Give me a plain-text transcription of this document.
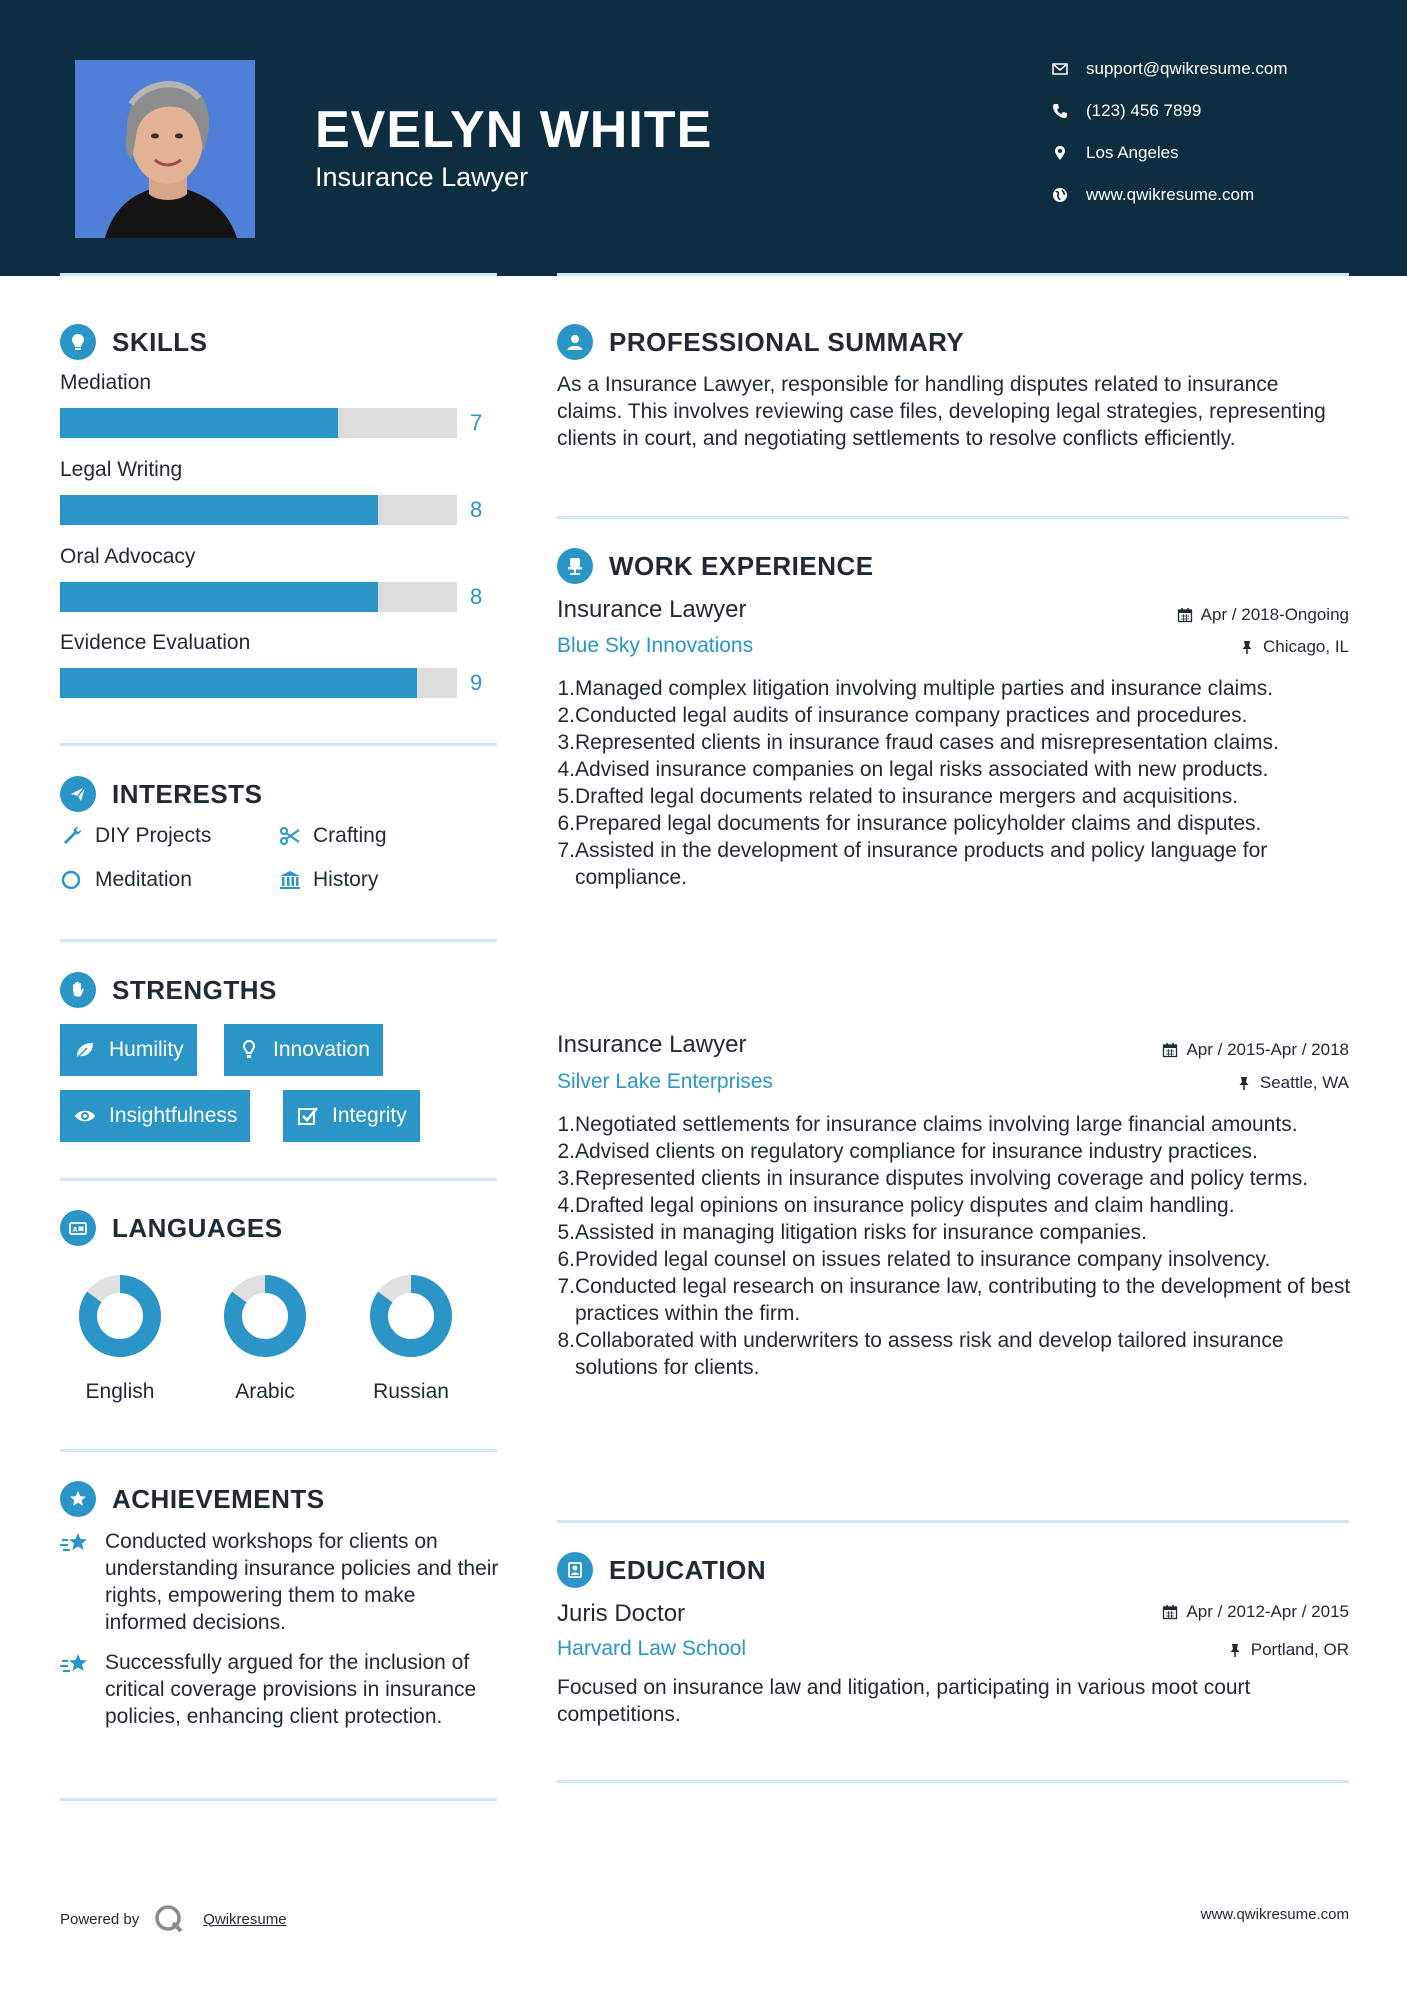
EVELYN WHITE
Insurance Lawyer
support@qwikresume.com
(123) 456 7899
Los Angeles
www.qwikresume.com
SKILLS
Mediation
7
Legal Writing
8
Oral Advocacy
8
Evidence Evaluation
9
INTERESTS
DIY Projects	Crafting
Meditation	History
STRENGTHS
Humility	Innovation
Insightfulness	Integrity
A LANGUAGES
English	Arabic	Russian
ACHIEVEMENTS

Conducted workshops for clients on understanding insurance policies and their rights, empowering them to make informed decisions.

Successfully argued for the inclusion of critical coverage provisions in insurance policies, enhancing client protection.

PROFESSIONAL SUMMARY

As a Insurance Lawyer, responsible for handling disputes related to insurance claims. This involves reviewing case files, developing legal strategies, representing clients in court, and negotiating settlements to resolve conflicts efficiently.

WORK EXPERIENCE
Insurance Lawyer	Apr / 2018-Ongoing
Blue Sky Innovations	Chicago, IL
1. Managed complex litigation involving multiple parties and insurance claims.
2. Conducted legal audits of insurance company practices and procedures.
3. Represented clients in insurance fraud cases and misrepresentation claims.
4. Advised insurance companies on legal risks associated with new products.
5. Drafted legal documents related to insurance mergers and acquisitions.
6. Prepared legal documents for insurance policyholder claims and disputes.
7. Assisted in the development of insurance products and policy language for compliance.
Insurance Lawyer	Apr / 2015-Apr / 2018
Silver Lake Enterprises	Seattle, WA
1. Negotiated settlements for insurance claims involving large financial amounts.
2. Advised clients on regulatory compliance for insurance industry practices.
3. Represented clients in insurance disputes involving coverage and policy terms.
4. Drafted legal opinions on insurance policy disputes and claim handling.
5. Assisted in managing litigation risks for insurance companies.
6. Provided legal counsel on issues related to insurance company insolvency.
7. Conducted legal research on insurance law, contributing to the development of best practices within the firm.
8. Collaborated with underwriters to assess risk and develop tailored insurance solutions for clients.
EDUCATION
Juris Doctor	Apr / 2012-Apr / 2015
Harvard Law School	Portland, OR

Focused on insurance law and litigation, participating in various moot court competitions.

Powered by	Qwikresume	www.qwikresume.com
